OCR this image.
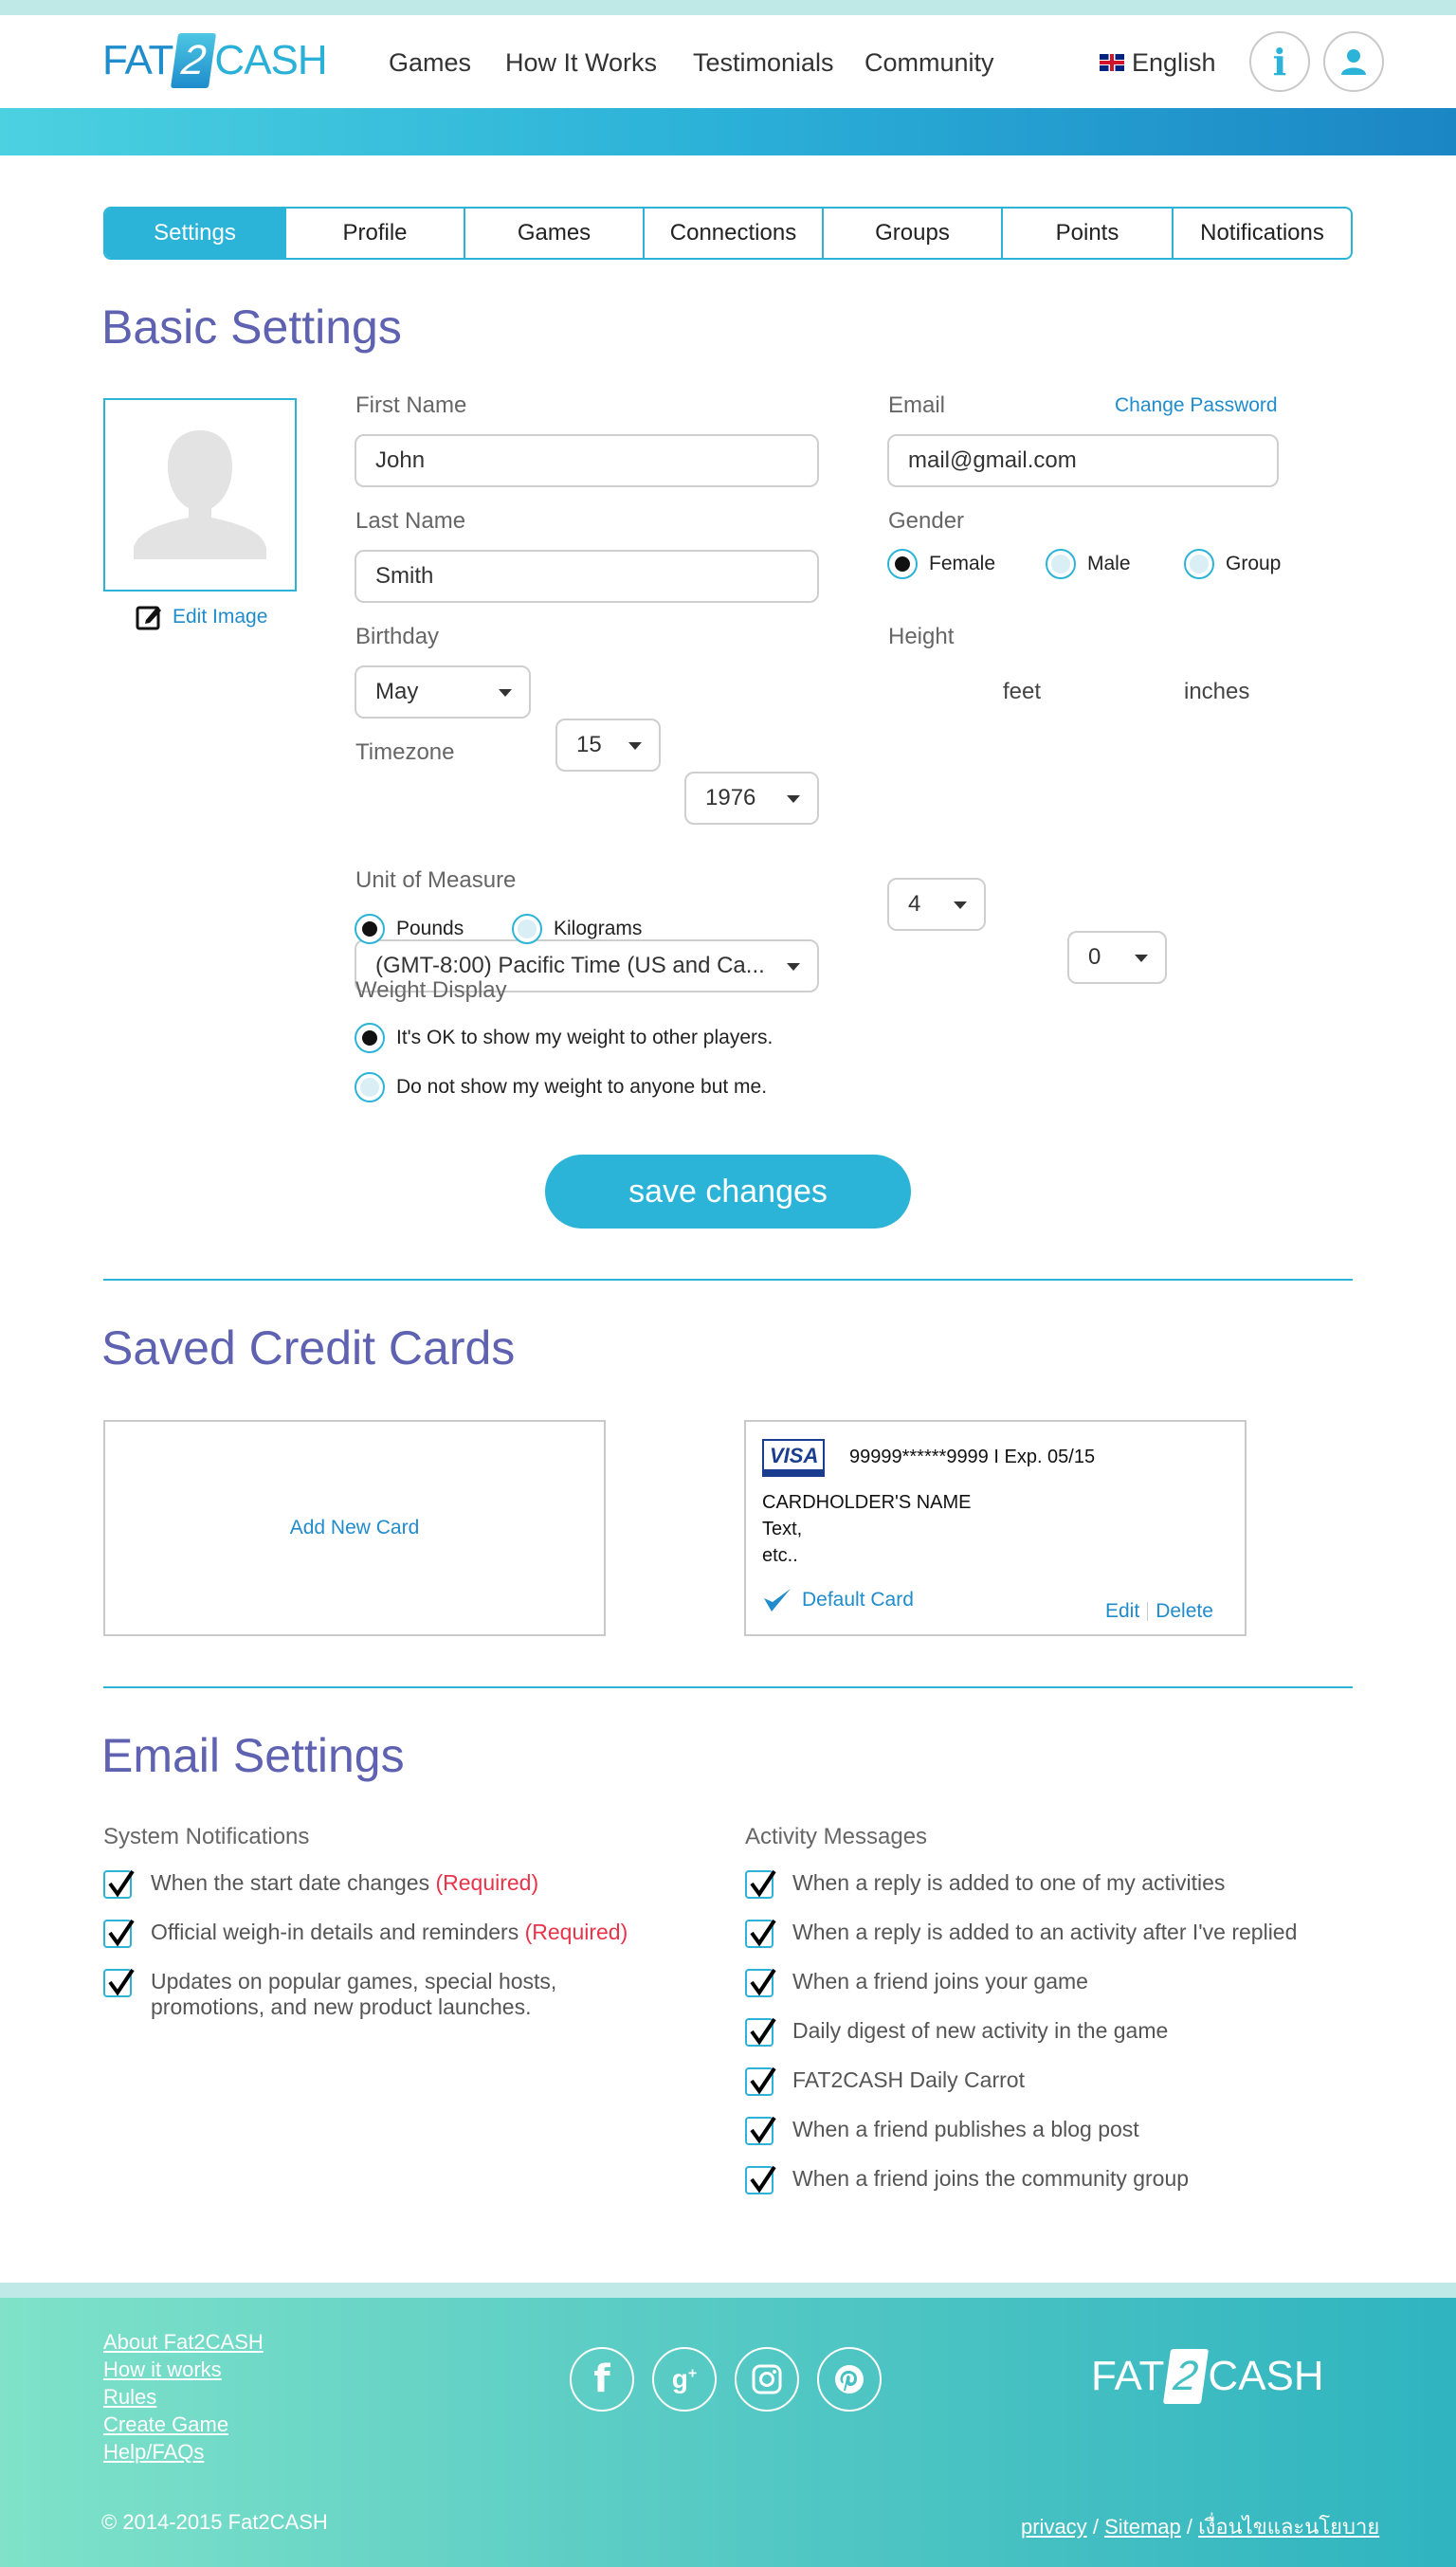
FAT 2 CASH Games How It Works Testimonials Community	English i
Settings	Profile	Games	Connections	Groups	Points	Notifications
Basic Settings
Edit Image
First Name
John
Last Name
Smith
Birthday
May
15
1976
Timezone
(GMT-8:00) Pacific Time (US and Ca...
Unit of Measure
Pounds	Kilograms
Weight Display
It's OK to show my weight to other players.
Do not show my weight to anyone but me.
Email	Change Password
mail@gmail.com
Gender
Female	Male	Group
Height
4
feet
0
inches
save changes
Saved Credit Cards
Add New Card
VISA 99999******9999 I Exp. 05/15
CARDHOLDER'S NAME
Text,
etc..
Default Card
Edit Delete
Email Settings
System Notifications	Activity Messages
When the start date changes (Required)
Official weigh-in details and reminders (Required)
Updates on popular games, special hosts, promotions, and new product launches.
When a reply is added to one of my activities
When a reply is added to an activity after I've replied
When a friend joins your game
Daily digest of new activity in the game
FAT2CASH Daily Carrot
When a friend publishes a blog post
When a friend joins the community group
About Fat2CASH
How it works
Rules
Create Game
Help/FAQs
f g+	FAT 2 CASH
© 2014-2015 Fat2CASH	privacy / Sitemap / เงื่อนไขและนโยบาย
